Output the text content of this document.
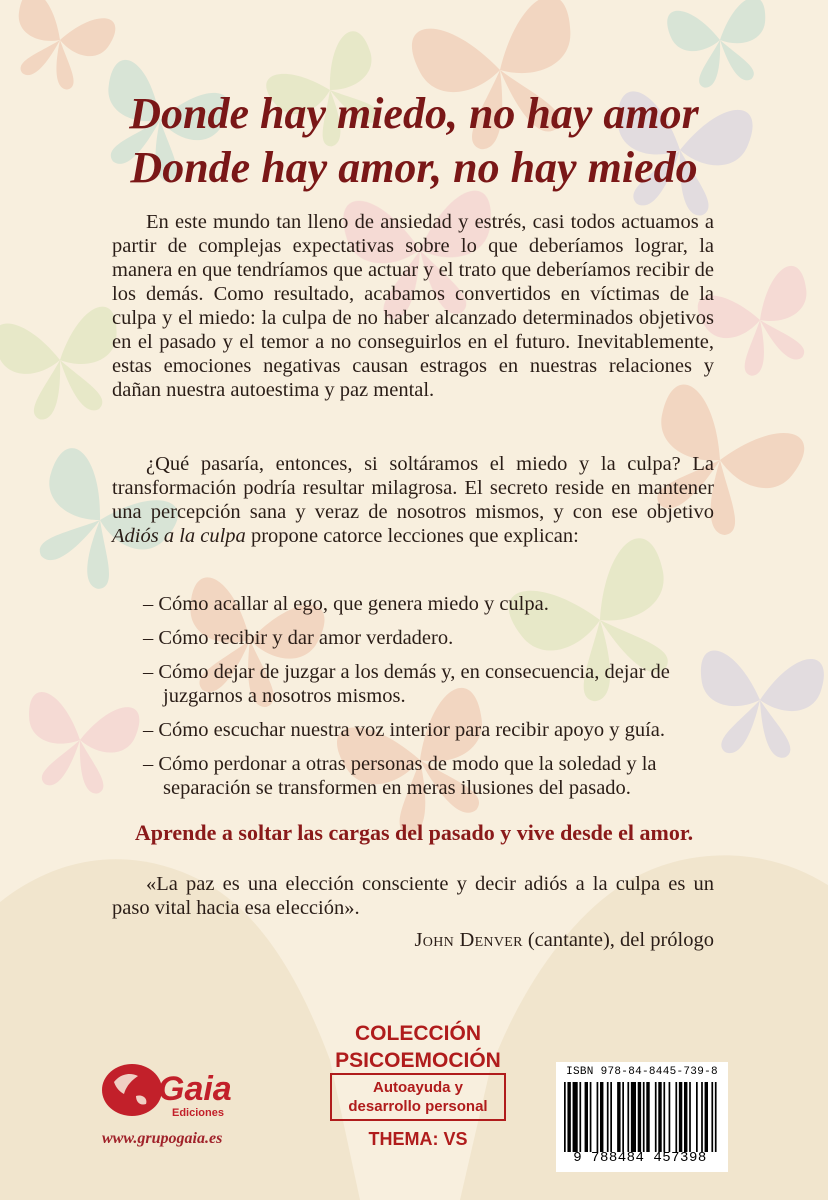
Donde hay miedo, no hay amor
Donde hay amor, no hay miedo

En este mundo tan lleno de ansiedad y estrés, casi todos actuamos a partir de complejas expectativas sobre lo que deberíamos lograr, la manera en que tendríamos que actuar y el trato que deberíamos recibir de los demás. Como resultado, acabamos convertidos en víctimas de la culpa y el miedo: la culpa de no haber alcanzado determinados objetivos en el pasado y el temor a no conseguirlos en el futuro. Inevitablemente, estas emociones negativas causan estragos en nuestras relaciones y dañan nuestra autoestima y paz mental.

¿Qué pasaría, entonces, si soltáramos el miedo y la culpa? La transformación podría resultar milagrosa. El secreto reside en mantener una percepción sana y veraz de nosotros mismos, y con ese objetivo Adiós a la culpa propone catorce lecciones que explican:

– Cómo acallar al ego, que genera miedo y culpa.
– Cómo recibir y dar amor verdadero.
– Cómo dejar de juzgar a los demás y, en consecuencia, dejar de juzgarnos a nosotros mismos.
– Cómo escuchar nuestra voz interior para recibir apoyo y guía.
– Cómo perdonar a otras personas de modo que la soledad y la separación se transformen en meras ilusiones del pasado.

Aprende a soltar las cargas del pasado y vive desde el amor.

«La paz es una elección consciente y decir adiós a la culpa es un paso vital hacia esa elección».

John Denver (cantante), del prólogo

COLECCIÓN
PSICOEMOCIÓN

Autoayuda y
desarrollo personal

THEMA: VS

Gaia
Ediciones

www.grupogaia.es

ISBN 978-84-8445-739-8

9 788484 457398
